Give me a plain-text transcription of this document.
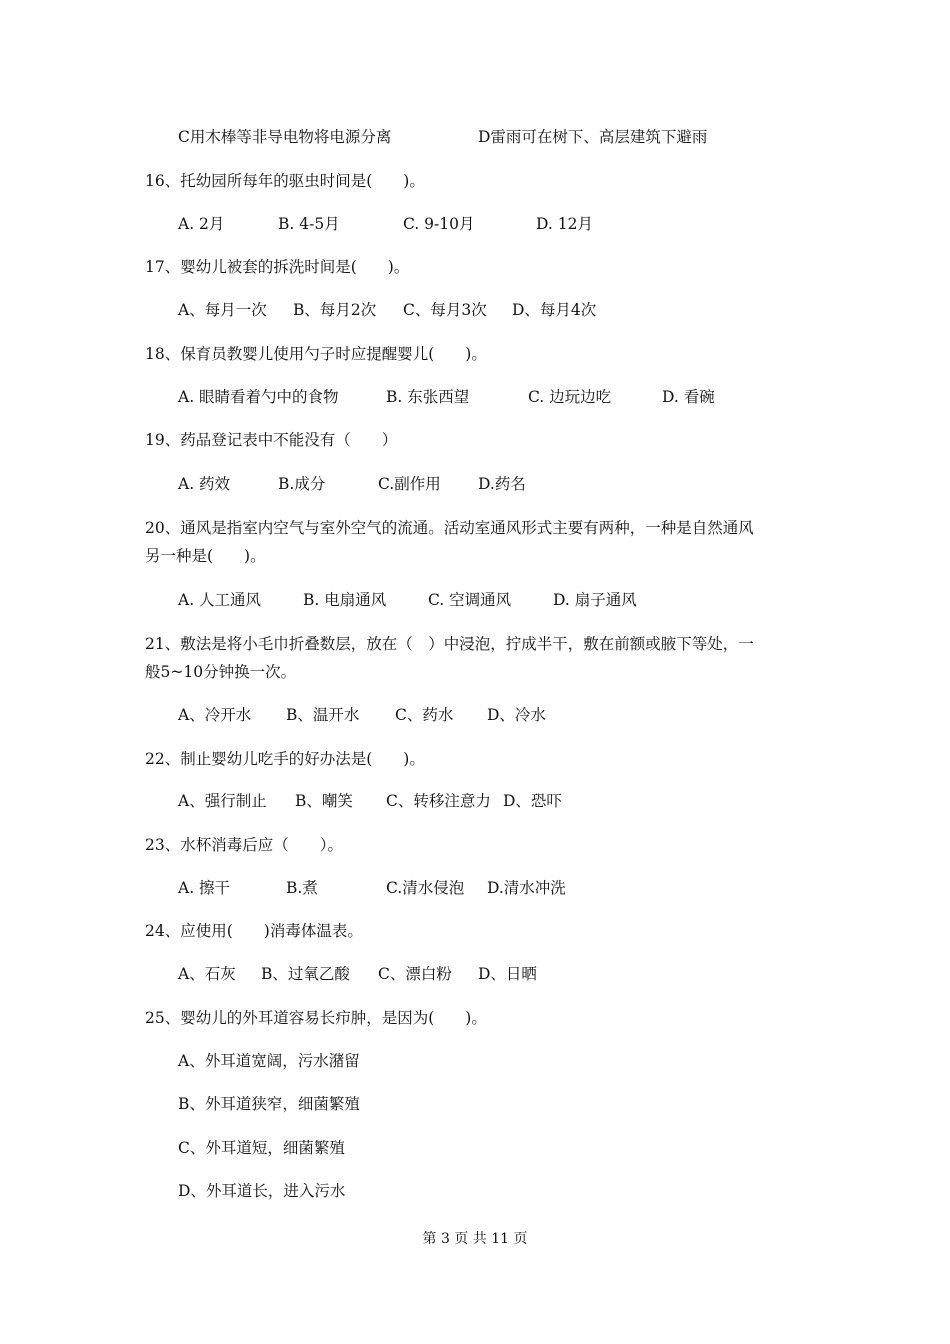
C用木棒等非导电物将电源分离	D雷雨可在树下、高层建筑下避雨
16、托幼园所每年的驱虫时间是(　　)。
A. 2月	B. 4-5月	C. 9-10月	D. 12月
17、婴幼儿被套的拆洗时间是(　　)。
A、每月一次 B、每月2次 C、每月3次 D、每月4次
18、保育员教婴儿使用勺子时应提醒婴儿(　　)。
A. 眼睛看着勺中的食物	B. 东张西望	C. 边玩边吃	D. 看碗
19、药品登记表中不能没有（　　）
A. 药效	B.成分	C.副作用 D.药名
20、通风是指室内空气与室外空气的流通。活动室通风形式主要有两种，一种是自然通风
另一种是(　　)。
A. 人工通风	B. 电扇通风	C. 空调通风	D. 扇子通风
21、敷法是将小毛巾折叠数层，放在（　）中浸泡，拧成半干，敷在前额或腋下等处，一
般5~10分钟换一次。
A、冷开水 B、温开水 C、药水 D、冷水
22、制止婴幼儿吃手的好办法是(　　)。
A、强行制止 B、嘲笑 C、转移注意力 D、恐吓
23、水杯消毒后应（　　）。
A. 擦干	B.煮	C.清水侵泡 D.清水冲洗
24、应使用(　　)消毒体温表。
A、石灰 B、过氧乙酸 C、漂白粉 D、日晒
25、婴幼儿的外耳道容易长疖肿，是因为(　　)。
A、外耳道宽阔，污水潴留
B、外耳道狭窄，细菌繁殖
C、外耳道短，细菌繁殖
D、外耳道长，进入污水
第 3 页 共 11 页
